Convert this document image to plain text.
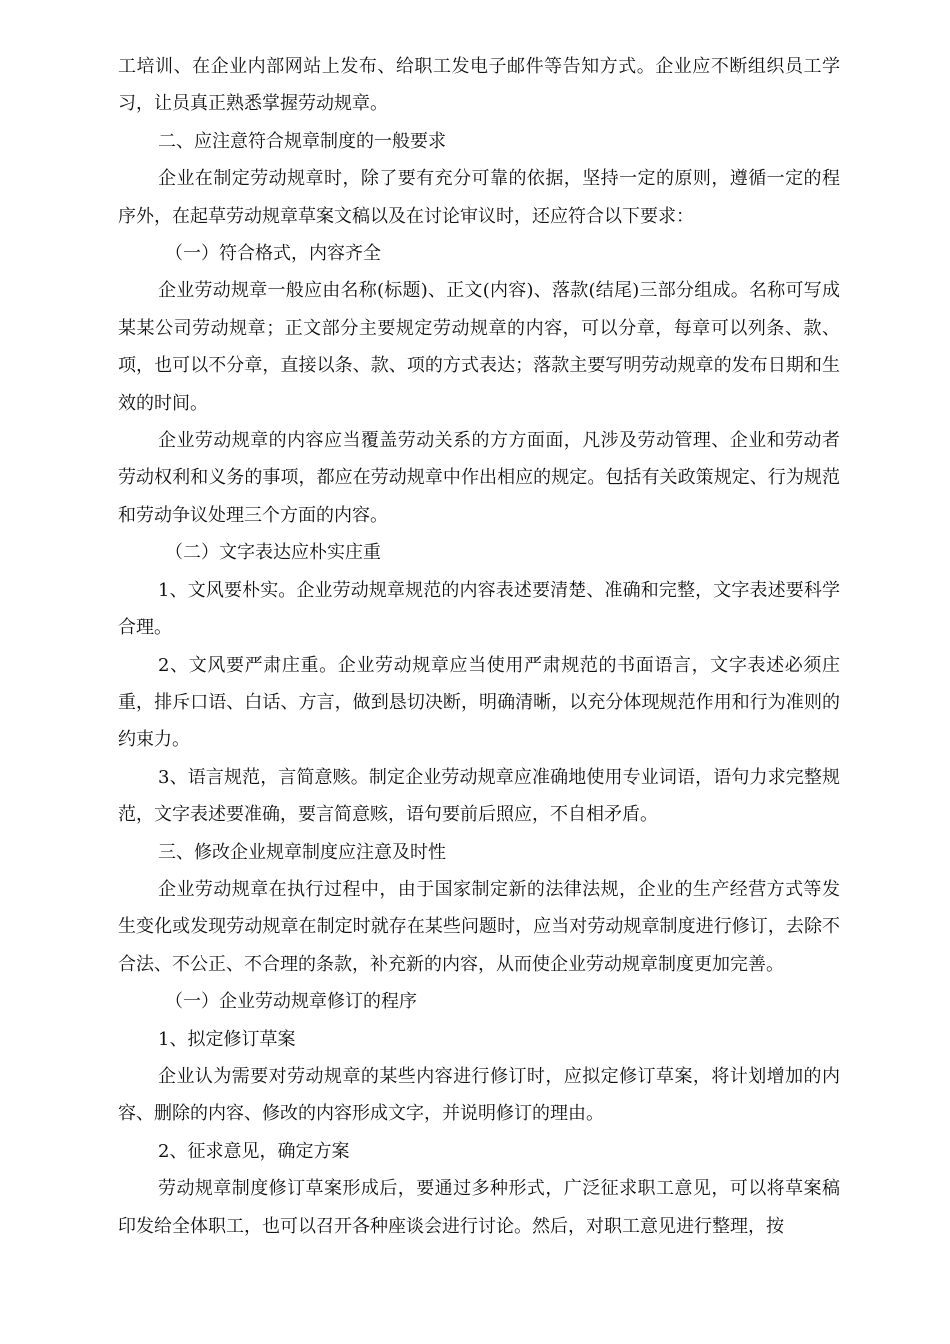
工培训、在企业内部网站上发布、给职工发电子邮件等告知方式。企业应不断组织员工学习，让员真正熟悉掌握劳动规章。

二、应注意符合规章制度的一般要求

企业在制定劳动规章时，除了要有充分可靠的依据，坚持一定的原则，遵循一定的程序外，在起草劳动规章草案文稿以及在讨论审议时，还应符合以下要求：

（一）符合格式，内容齐全

企业劳动规章一般应由名称(标题)、正文(内容)、落款(结尾)三部分组成。名称可写成某某公司劳动规章；正文部分主要规定劳动规章的内容，可以分章，每章可以列条、款、项，也可以不分章，直接以条、款、项的方式表达；落款主要写明劳动规章的发布日期和生效的时间。

企业劳动规章的内容应当覆盖劳动关系的方方面面，凡涉及劳动管理、企业和劳动者劳动权利和义务的事项，都应在劳动规章中作出相应的规定。包括有关政策规定、行为规范和劳动争议处理三个方面的内容。

（二）文字表达应朴实庄重

1、文风要朴实。企业劳动规章规范的内容表述要清楚、准确和完整，文字表述要科学合理。

2、文风要严肃庄重。企业劳动规章应当使用严肃规范的书面语言，文字表述必须庄重，排斥口语、白话、方言，做到恳切决断，明确清晰，以充分体现规范作用和行为准则的约束力。

3、语言规范，言简意赅。制定企业劳动规章应准确地使用专业词语，语句力求完整规范，文字表述要准确，要言简意赅，语句要前后照应，不自相矛盾。

三、修改企业规章制度应注意及时性

企业劳动规章在执行过程中，由于国家制定新的法律法规，企业的生产经营方式等发生变化或发现劳动规章在制定时就存在某些问题时，应当对劳动规章制度进行修订，去除不合法、不公正、不合理的条款，补充新的内容，从而使企业劳动规章制度更加完善。

（一）企业劳动规章修订的程序

1、拟定修订草案

企业认为需要对劳动规章的某些内容进行修订时，应拟定修订草案，将计划增加的内容、删除的内容、修改的内容形成文字，并说明修订的理由。

2、征求意见，确定方案

劳动规章制度修订草案形成后，要通过多种形式，广泛征求职工意见，可以将草案稿印发给全体职工，也可以召开各种座谈会进行讨论。然后，对职工意见进行整理，按
